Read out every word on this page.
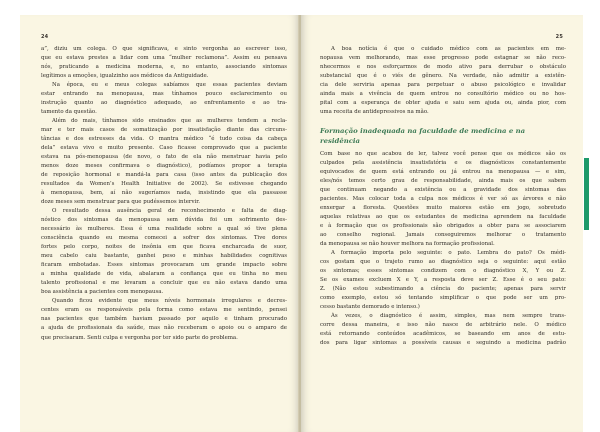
24
a”, diziu um colega. O que significava, e sinto vergonha ao escrever isso,
que eu estava prestes a lidar com uma “mulher reclamona”. Assim eu pensava
nós, praticando a medicina moderna, e, no entanto, associando sintomas
legítimos a emoções, igualzinho aos médicos da Antiguidade.
Na época, eu e meus colegas sabíamos que essas pacientes deviam
estar entrando na menopausa, mas tínhamos pouco esclarecimento ou
instrução quanto ao diagnóstico adequado, ao enfrentamento e ao tra-
tamento da questão.
Além do mais, tínhamos sido ensinados que as mulheres tendem a recla-
mar e ter mais casos de somatização por insatisfação diante das circuns-
tâncias e dos estresses da vida. O mantra médico “é tudo coisa da cabeça
dela” estava vivo e muito presente. Caso ficasse comprovado que a paciente
estava na pós-menopausa (de novo, o fato de ela não menstruar havia pelo
menos doze meses confirmava o diagnóstico), podíamos propor a terapia
de reposição hormonal e mandá-la para casa (isso antes da publicação dos
resultados da Women’s Health Initiative de 2002). Se estivesse chegando
à menopausa, bem, aí não sugeríamos nada, insistindo que ela passasse
doze meses sem menstruar para que pudéssemos intervir.
O resultado dessa ausência geral de reconhecimento e falta de diag-
nóstico dos sintomas da menopausa sem dúvida foi um sofrimento des-
necessário às mulheres. Essa é uma realidade sobre a qual só tive plena
consciência quando eu mesma comecei a sofrer dos sintomas. Tive dores
fortes pelo corpo, noites de insônia em que ficava encharcada de suor,
meu cabelo caiu bastante, ganhei peso e minhas habilidades cognitivas
ficaram embotadas. Esses sintomas provocaram um grande impacto sobre
a minha qualidade de vida, abalaram a confiança que eu tinha no meu
talento profissional e me levaram a concluir que eu não estava dando uma
boa assistência a pacientes com menopausa.
Quando ficou evidente que meus níveis hormonais irregulares e decres-
centes eram os responsáveis pela forma como estava me sentindo, pensei
nas pacientes que também haviam passado por aquilo e tinham procurado
a ajuda de profissionais da saúde, mas não receberam o apoio ou o amparo de
que precisaram. Senti culpa e vergonha por ter sido parte do problema.
25
A boa notícia é que o cuidado médico com as pacientes em me-
nopausa vem melhorando, mas esse progresso pode estagnar se não reco-
nhecermos e nos esforçarmos de modo ativo para derrubar o obstáculo
substancial que é o viés de gênero. Na verdade, não admitir a existên-
cia dele serviria apenas para perpetuar o abuso psicológico e invalidar
ainda mais a vivência de quem entrou no consultório médico ou no hos-
pital com a esperança de obter ajuda e saiu sem ajuda ou, ainda pior, com
uma receita de antidepressivos na mão.
Formação inadequada na faculdade de medicina e na
residência
Com base no que acabou de ler, talvez você pense que os médicos são os
culpados pela assistência insatisfatória e os diagnósticos constantemente
equivocados de quem está entrando ou já entrou na menopausa — e sim,
eles/nós temos certo grau de responsabilidade, ainda mais os que sabem
que continuam negando a existência ou a gravidade dos sintomas das
pacientes. Mas colocar toda a culpa nos médicos é ver só as árvores e não
enxergar a floresta. Questões muito maiores estão em jogo, sobretudo
aquelas relativas ao que os estudantes de medicina aprendem na faculdade
e à formação que os profissionais são obrigados a obter para se associarem
ao conselho regional. Jamais conseguiremos melhorar o tratamento
da menopausa se não houver melhora na formação profissional.
A formação importa pelo seguinte: o pato. Lembra do pato? Os médi-
cos gostam que o trajeto rumo ao diagnóstico seja o seguinte: aqui estão
os sintomas; esses sintomas condizem com o diagnóstico X, Y ou Z.
Se os exames excluem X e Y, a resposta deve ser Z. Esse é o seu pato:
Z. (Não estou subestimando a ciência do paciente; apenas para servir
como exemplo, estou só tentando simplificar o que pode ser um pro-
cesso bastante demorado e intenso.)
Às vezes, o diagnóstico é assim, simples, mas nem sempre trans-
corre dessa maneira, e isso não nasce de arbitrário nele. O médico
está retornando conteúdos acadêmicos, se baseando em anos de estu-
dos para ligar sintomas a possíveis causas e seguindo a medicina padrão
